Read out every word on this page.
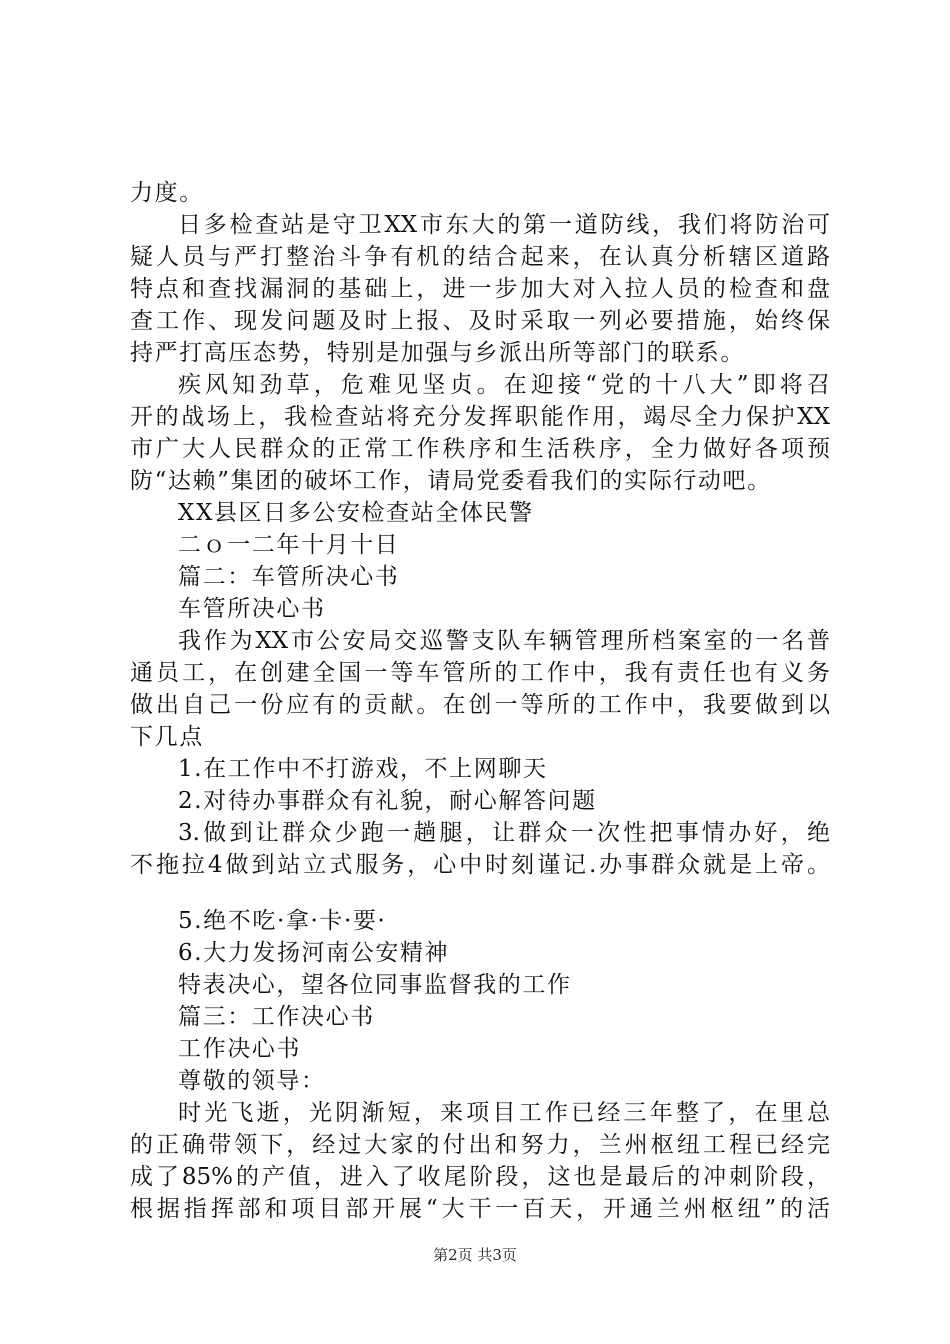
力度。
日多检查站是守卫XX市东大的第一道防线，我们将防治可
疑人员与严打整治斗争有机的结合起来，在认真分析辖区道路
特点和查找漏洞的基础上，进一步加大对入拉人员的检查和盘
查工作、现发问题及时上报、及时采取一列必要措施，始终保
持严打高压态势，特别是加强与乡派出所等部门的联系。
疾风知劲草，危难见坚贞。在迎接“党的十八大”即将召
开的战场上，我检查站将充分发挥职能作用，竭尽全力保护XX
市广大人民群众的正常工作秩序和生活秩序，全力做好各项预
防“达赖”集团的破坏工作，请局党委看我们的实际行动吧。
XX县区日多公安检查站全体民警
二ｏ一二年十月十日
篇二：车管所决心书
车管所决心书
我作为XX市公安局交巡警支队车辆管理所档案室的一名普
通员工，在创建全国一等车管所的工作中，我有责任也有义务
做出自己一份应有的贡献。在创一等所的工作中，我要做到以
下几点
1.在工作中不打游戏，不上网聊天
2.对待办事群众有礼貌，耐心解答问题
3.做到让群众少跑一趟腿，让群众一次性把事情办好，绝
不拖拉4做到站立式服务，心中时刻谨记.办事群众就是上帝。
5.绝不吃·拿·卡·要·
6.大力发扬河南公安精神
特表决心，望各位同事监督我的工作
篇三：工作决心书
工作决心书
尊敬的领导：
时光飞逝，光阴渐短，来项目工作已经三年整了，在里总
的正确带领下，经过大家的付出和努力，兰州枢纽工程已经完
成了85%的产值，进入了收尾阶段，这也是最后的冲刺阶段，
根据指挥部和项目部开展“大干一百天，开通兰州枢纽”的活
第2页 共3页
